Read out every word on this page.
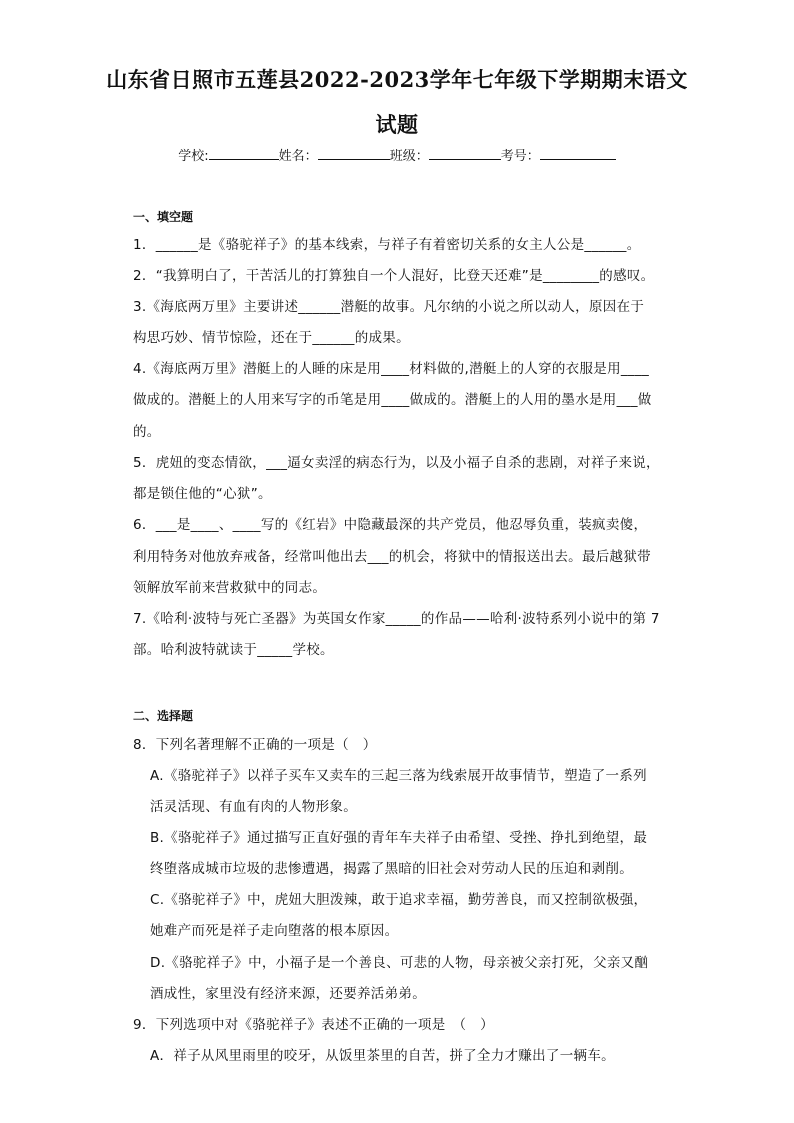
山东省日照市五莲县2022-2023学年七年级下学期期末语文
试题
学校:	姓名：	班级：	考号：
一、填空题
1．______是《骆驼祥子》的基本线索，与祥子有着密切关系的女主人公是______。
2．“我算明白了，干苦活儿的打算独自一个人混好，比登天还难”是________的感叹。
3.《海底两万里》主要讲述______潜艇的故事。凡尔纳的小说之所以动人，原因在于
构思巧妙、情节惊险，还在于______的成果。
4.《海底两万里》潜艇上的人睡的床是用____材料做的,潜艇上的人穿的衣服是用____
做成的。潜艇上的人用来写字的币笔是用____做成的。潜艇上的人用的墨水是用___做
的。
5．虎妞的变态情欲，___逼女卖淫的病态行为，以及小福子自杀的悲剧，对祥子来说，
都是锁住他的“心狱”。
6．___是____、____写的《红岩》中隐藏最深的共产党员，他忍辱负重，装疯卖傻，
利用特务对他放弃戒备，经常叫他出去___的机会，将狱中的情报送出去。最后越狱带
领解放军前来营救狱中的同志。
7.《哈利·波特与死亡圣器》为英国女作家_____的作品——哈利·波特系列小说中的第 7
部。哈利波特就读于_____学校。
二、选择题
8．下列名著理解不正确的一项是（　）
A.《骆驼祥子》以祥子买车又卖车的三起三落为线索展开故事情节，塑造了一系列
活灵活现、有血有肉的人物形象。
B.《骆驼祥子》通过描写正直好强的青年车夫祥子由希望、受挫、挣扎到绝望，最
终堕落成城市垃圾的悲惨遭遇，揭露了黑暗的旧社会对劳动人民的压迫和剥削。
C.《骆驼祥子》中，虎妞大胆泼辣，敢于追求幸福，勤劳善良，而又控制欲极强，
她难产而死是祥子走向堕落的根本原因。
D.《骆驼祥子》中，小福子是一个善良、可悲的人物，母亲被父亲打死，父亲又酗
酒成性，家里没有经济来源，还要养活弟弟。
9．下列选项中对《骆驼祥子》表述不正确的一项是　（　）
A．祥子从风里雨里的咬牙，从饭里茶里的自苦，拼了全力才赚出了一辆车。
